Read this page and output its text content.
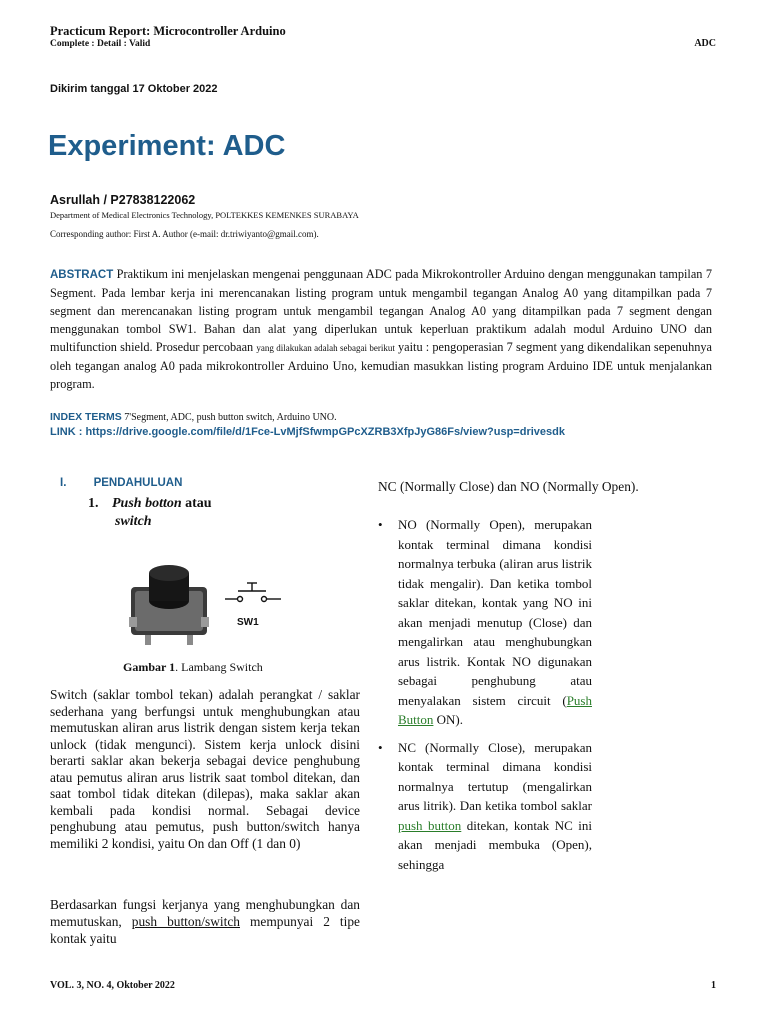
Practicum Report: Microcontroller Arduino
Complete : Detail : Valid	ADC
Dikirim tanggal 17 Oktober 2022
Experiment: ADC
Asrullah / P27838122062
Department of Medical Electronics Technology, POLTEKKES KEMENKES SURABAYA
Corresponding author: First A. Author (e-mail: dr.triwiyanto@gmail.com).
ABSTRACT Praktikum ini menjelaskan mengenai penggunaan ADC pada Mikrokontroller Arduino dengan menggunakan tampilan 7 Segment. Pada lembar kerja ini merencanakan listing program untuk mengambil tegangan Analog A0 yang ditampilkan pada 7 segment dan merencanakan listing program untuk mengambil tegangan Analog A0 yang ditampilkan pada 7 segment dengan menggunakan tombol SW1. Bahan dan alat yang diperlukan untuk keperluan praktikum adalah modul Arduino UNO dan multifunction shield. Prosedur percobaan yang dilakukan adalah sebagai berikut yaitu : pengoperasian 7 segment yang dikendalikan sepenuhnya oleh tegangan analog A0 pada mikrokontroller Arduino Uno, kemudian masukkan listing program Arduino IDE untuk menjalankan program.
INDEX TERMS 7'Segment, ADC, push button switch, Arduino UNO.
LINK : https://drive.google.com/file/d/1Fce-LvMjfSfwmpGPcXZRB3XfpJyG86Fs/view?usp=drivesdk
I. PENDAHULUAN
1. Push botton atau
switch
SW1
Gambar 1. Lambang Switch
Switch (saklar tombol tekan) adalah perangkat / saklar sederhana yang berfungsi untuk menghubungkan atau memutuskan aliran arus listrik dengan sistem kerja tekan unlock (tidak mengunci). Sistem kerja unlock disini berarti saklar akan bekerja sebagai device penghubung atau pemutus aliran arus listrik saat tombol ditekan, dan saat tombol tidak ditekan (dilepas), maka saklar akan kembali pada kondisi normal. Sebagai device penghubung atau pemutus, push button/switch hanya memiliki 2 kondisi, yaitu On dan Off (1 dan 0)
Berdasarkan fungsi kerjanya yang menghubungkan dan memutuskan, push button/switch mempunyai 2 tipe kontak yaitu
NC (Normally Close) dan NO (Normally Open).
• NO (Normally Open), merupakan kontak terminal dimana kondisi normalnya terbuka (aliran arus listrik tidak mengalir). Dan ketika tombol saklar ditekan, kontak yang NO ini akan menjadi menutup (Close) dan mengalirkan atau menghubungkan arus listrik. Kontak NO digunakan sebagai penghubung atau menyalakan sistem circuit (Push Button ON).
• NC (Normally Close), merupakan kontak terminal dimana kondisi normalnya tertutup (mengalirkan arus litrik). Dan ketika tombol saklar push button ditekan, kontak NC ini akan menjadi membuka (Open), sehingga
VOL. 3, NO. 4, Oktober 2022	1
